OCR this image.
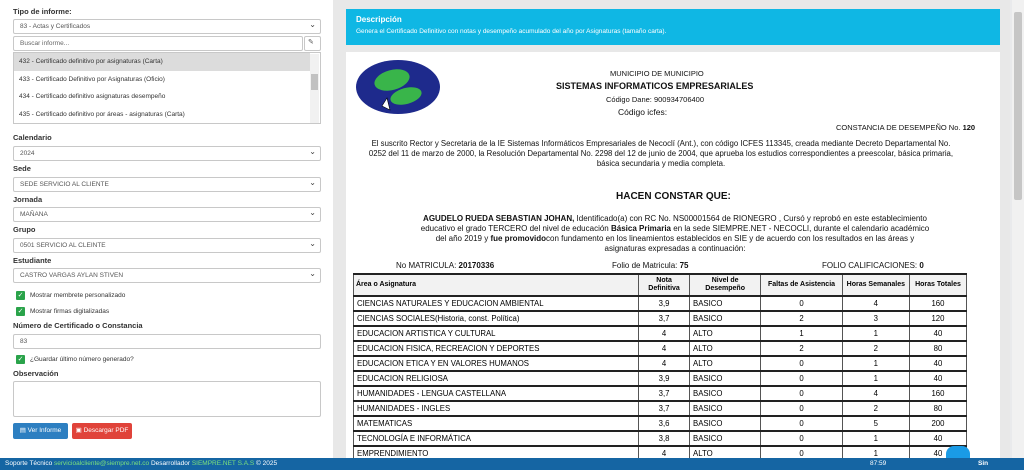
Tipo de informe:
83 - Actas y Certificados	⌄
Buscar informe...	✎
432 - Certificado definitivo por asignaturas (Carta)
433 - Certificado Definitivo por Asignaturas (Oficio)
434 - Certificado definitivo asignaturas desempeño
435 - Certificado definitivo por áreas - asignaturas (Carta)
Calendario
2024	⌄
Sede
SEDE SERVICIO AL CLIENTE	⌄
Jornada
MAÑANA	⌄
Grupo
0501 SERVICIO AL CLEINTE	⌄
Estudiante
CASTRO VARGAS AYLAN STIVEN	⌄
✓ Mostrar membrete personalizado
✓ Mostrar firmas digitalizadas
Número de Certificado o Constancia
83
✓ ¿Guardar último número generado?
Observación
▤ Ver Informe	▣ Descargar PDF
Descripción
Genera el Certificado Definitivo con notas y desempeño acumulado del año por Asignaturas (tamaño carta).
MUNICIPIO DE MUNICIPIO
SISTEMAS INFORMATICOS EMPRESARIALES
Código Dane: 900934706400
Código icfes:
CONSTANCIA DE DESEMPEÑO No. 120
El suscrito Rector y Secretaria de la IE Sistemas Informáticos Empresariales de Necoclí (Ant.), con código ICFES 113345, creada mediante Decreto Departamental No. 0252 del 11 de marzo de 2000, la Resolución Departamental No. 2298 del 12 de junio de 2004, que aprueba los estudios correspondientes a preescolar, básica primaria, básica secundaria y media completa.
HACEN CONSTAR QUE:
AGUDELO RUEDA SEBASTIAN JOHAN, Identificado(a) con RC No. NS00001564 de RIONEGRO , Cursó y reprobó en este establecimiento
educativo el grado TERCERO del nivel de educación Básica Primaria en la sede SIEMPRE.NET - NECOCLI, durante el calendario académico
del año 2019 y fue promovidocon fundamento en los lineamientos establecidos en SIE y de acuerdo con los resultados en las áreas y
asignaturas expresadas a continuación:
No MATRICULA: 20170336	Folio de Matricula: 75	FOLIO CALIFICACIONES: 0
Área o Asignatura	Nota Definitiva	Nivel de Desempeño	Faltas de Asistencia	Horas Semanales	Horas Totales
CIENCIAS NATURALES Y EDUCACION AMBIENTAL	3,9	BASICO	0	4	160
CIENCIAS SOCIALES(Historia, const. Política)	3,7	BASICO	2	3	120
EDUCACION ARTISTICA Y CULTURAL	4	ALTO	1	1	40
EDUCACION FISICA, RECREACION Y DEPORTES	4	ALTO	2	2	80
EDUCACION ETICA Y EN VALORES HUMANOS	4	ALTO	0	1	40
EDUCACION RELIGIOSA	3,9	BASICO	0	1	40
HUMANIDADES - LENGUA CASTELLANA	3,7	BASICO	0	4	160
HUMANIDADES - INGLES	3,7	BASICO	0	2	80
MATEMATICAS	3,6	BASICO	0	5	200
TECNOLOGÍA E INFORMÁTICA	3,8	BASICO	0	1	40
EMPRENDIMIENTO	4	ALTO	0	1	40
Soporte Técnico servicioalcliente@siempre.net.co Desarrollador SIEMPRE.NET S.A.S © 2025	87:59	Sin
